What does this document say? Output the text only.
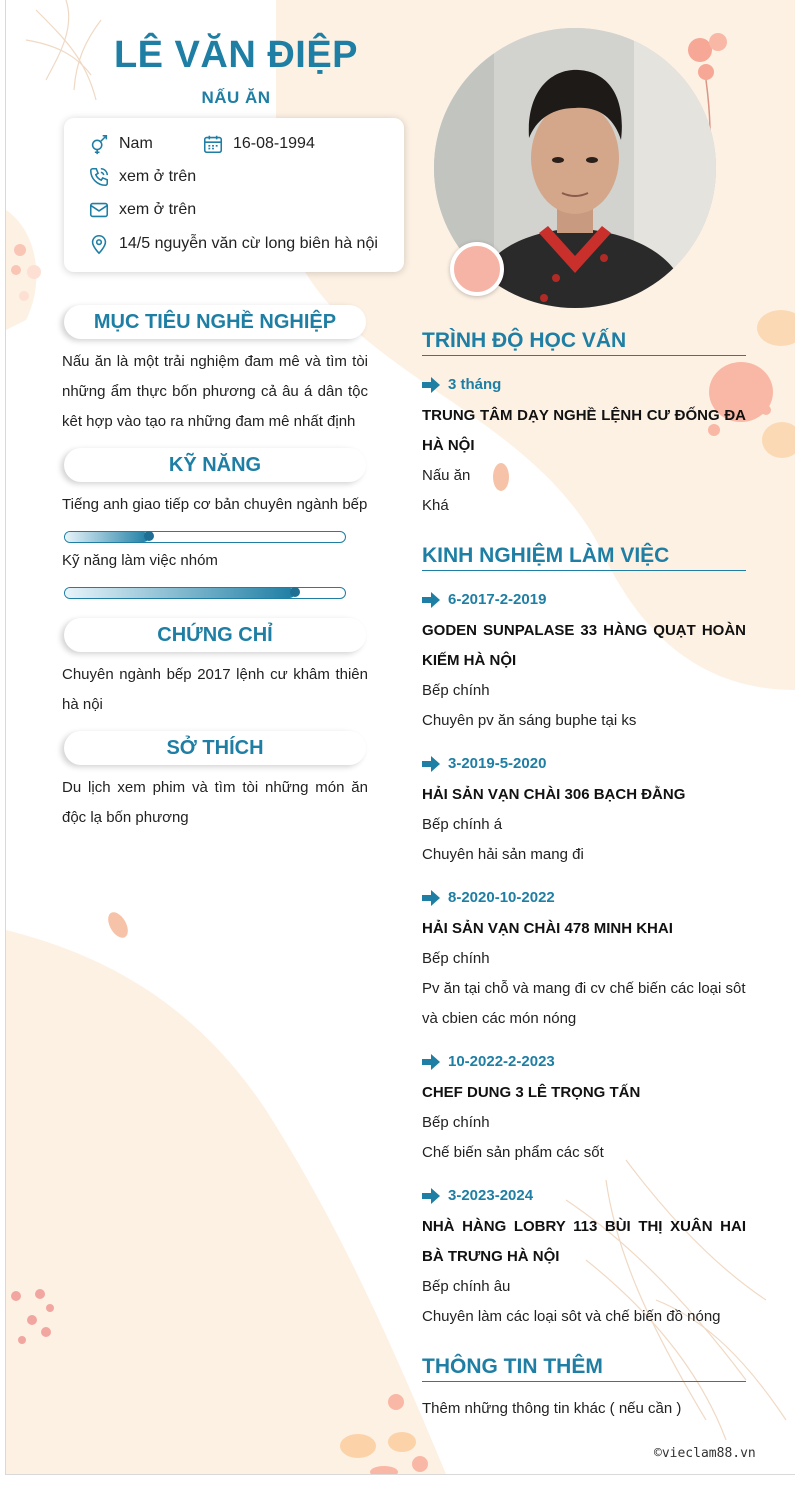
LÊ VĂN ĐIỆP
NẤU ĂN
Nam	16-08-1994
xem ở trên
xem ở trên
14/5 nguyễn văn cừ long biên hà nội
MỤC TIÊU NGHỀ NGHIỆP
Nấu ăn là một trải nghiệm đam mê và tìm tòi những ẩm thực bốn phương cả âu á dân tộc kêt hợp vào tạo ra những đam mê nhất định
KỸ NĂNG
Tiếng anh giao tiếp cơ bản chuyên ngành bếp
Kỹ năng làm việc nhóm
CHỨNG CHỈ
Chuyên ngành bếp 2017 lệnh cư khâm thiên hà nội
SỞ THÍCH
Du lịch xem phim và tìm tòi những món ăn độc lạ bốn phương
TRÌNH ĐỘ HỌC VẤN
3 tháng
TRUNG TÂM DẠY NGHỀ LỆNH CƯ ĐỐNG ĐA HÀ NỘI
Nấu ăn
Khá
KINH NGHIỆM LÀM VIỆC
6-2017-2-2019
GODEN SUNPALASE 33 HÀNG QUẠT HOÀN KIẾM HÀ NỘI
Bếp chính
Chuyên pv ăn sáng buphe tại ks
3-2019-5-2020
HẢI SẢN VẠN CHÀI 306 BẠCH ĐẰNG
Bếp chính á
Chuyên hải sản mang đi
8-2020-10-2022
HẢI SẢN VẠN CHÀI 478 MINH KHAI
Bếp chính
Pv ăn tại chỗ và mang đi cv chế biến các loại sôt và cbien các món nóng
10-2022-2-2023
CHEF DUNG 3 LÊ TRỌNG TẤN
Bếp chính
Chế biến sản phẩm các sốt
3-2023-2024
NHÀ HÀNG LOBRY 113 BÙI THỊ XUÂN HAI BÀ TRƯNG HÀ NỘI
Bếp chính âu
Chuyên làm các loại sôt và chế biến đồ nóng
THÔNG TIN THÊM
Thêm những thông tin khác ( nếu cần )
©vieclam88.vn
